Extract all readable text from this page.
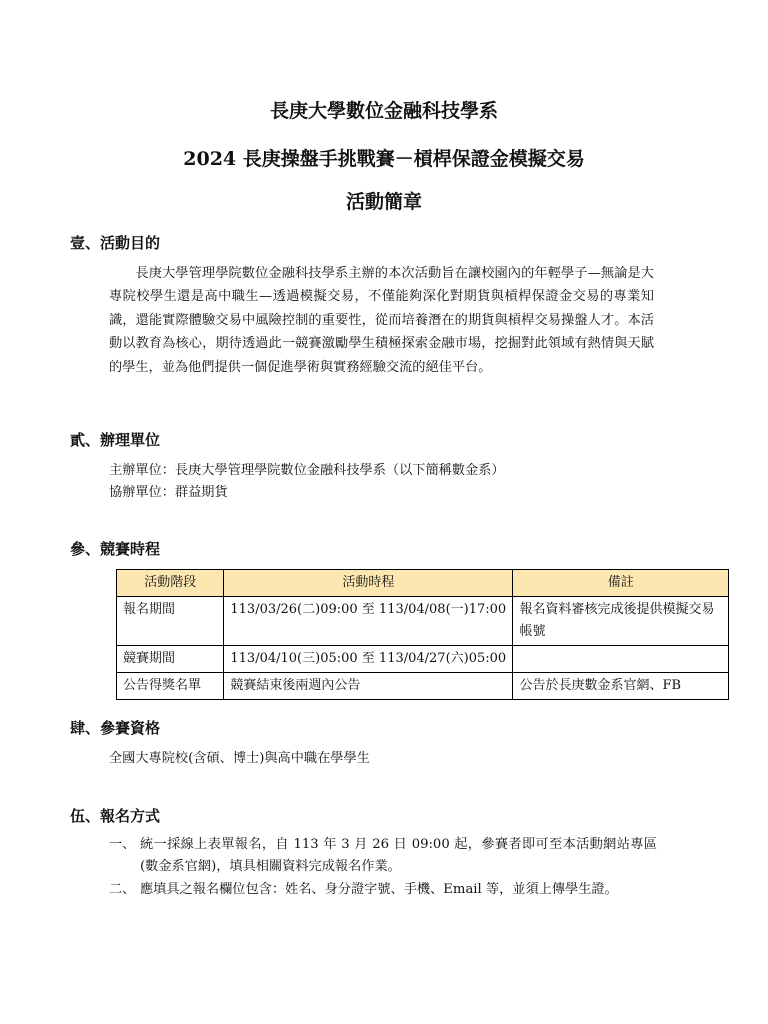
長庚大學數位金融科技學系
2024 長庚操盤手挑戰賽－槓桿保證金模擬交易
活動簡章
壹、活動目的

長庚大學管理學院數位金融科技學系主辦的本次活動旨在讓校園內的年輕學子—無論是大專院校學生還是高中職生—透過模擬交易，不僅能夠深化對期貨與槓桿保證金交易的專業知識，還能實際體驗交易中風險控制的重要性，從而培養潛在的期貨與槓桿交易操盤人才。本活動以教育為核心，期待透過此一競賽激勵學生積極探索金融市場，挖掘對此領域有熱情與天賦的學生，並為他們提供一個促進學術與實務經驗交流的絕佳平台。

貳、辦理單位
主辦單位：長庚大學管理學院數位金融科技學系（以下簡稱數金系）
協辦單位：群益期貨
參、競賽時程
活動階段	活動時程	備註
報名期間	113/03/26(二)09:00 至 113/04/08(一)17:00	報名資料審核完成後提供模擬交易帳號
競賽期間	113/04/10(三)05:00 至 113/04/27(六)05:00	
公告得獎名單	競賽結束後兩週內公告	公告於長庚數金系官網、FB
肆、參賽資格
全國大專院校(含碩、博士)與高中職在學學生
伍、報名方式
一、 統一採線上表單報名，自 113 年 3 月 26 日 09:00 起，參賽者即可至本活動網站專區(數金系官網)，填具相關資料完成報名作業。
二、 應填具之報名欄位包含：姓名、身分證字號、手機、Email 等，並須上傳學生證。
